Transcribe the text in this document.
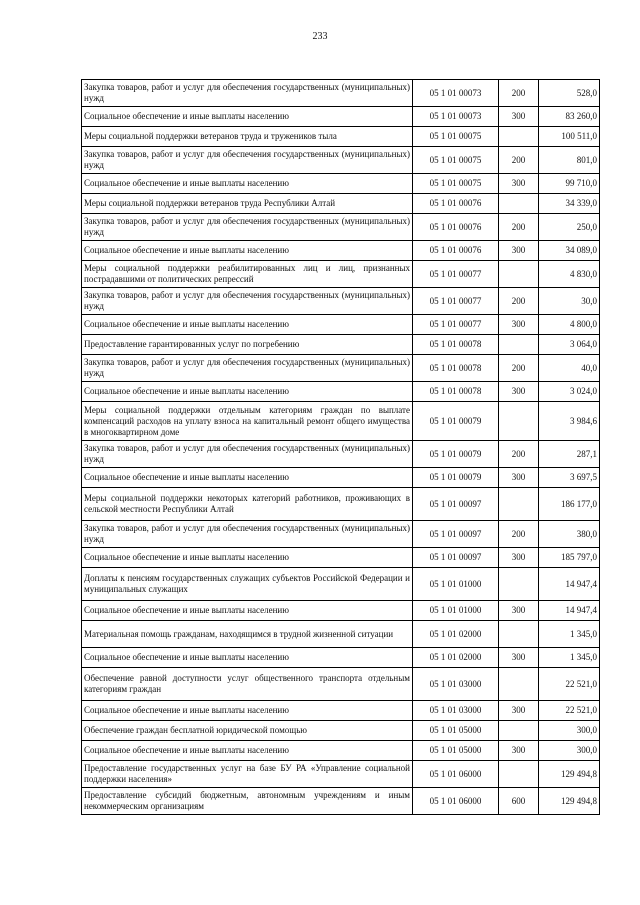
233
Закупка товаров, работ и услуг для обеспечения государственных (муниципальных) нужд	05 1 01 00073	200	528,0
Социальное обеспечение и иные выплаты населению	05 1 01 00073	300	83 260,0
Меры социальной поддержки ветеранов труда и тружеников тыла	05 1 01 00075		100 511,0
Закупка товаров, работ и услуг для обеспечения государственных (муниципальных) нужд	05 1 01 00075	200	801,0
Социальное обеспечение и иные выплаты населению	05 1 01 00075	300	99 710,0
Меры социальной поддержки ветеранов труда Республики Алтай	05 1 01 00076		34 339,0
Закупка товаров, работ и услуг для обеспечения государственных (муниципальных) нужд	05 1 01 00076	200	250,0
Социальное обеспечение и иные выплаты населению	05 1 01 00076	300	34 089,0
Меры социальной поддержки реабилитированных лиц и лиц, признанных пострадавшими от политических репрессий	05 1 01 00077		4 830,0
Закупка товаров, работ и услуг для обеспечения государственных (муниципальных) нужд	05 1 01 00077	200	30,0
Социальное обеспечение и иные выплаты населению	05 1 01 00077	300	4 800,0
Предоставление гарантированных услуг по погребению	05 1 01 00078		3 064,0
Закупка товаров, работ и услуг для обеспечения государственных (муниципальных) нужд	05 1 01 00078	200	40,0
Социальное обеспечение и иные выплаты населению	05 1 01 00078	300	3 024,0
Меры социальной поддержки отдельным категориям граждан по выплате компенсаций расходов на уплату взноса на капитальный ремонт общего имущества в многоквартирном доме	05 1 01 00079		3 984,6
Закупка товаров, работ и услуг для обеспечения государственных (муниципальных) нужд	05 1 01 00079	200	287,1
Социальное обеспечение и иные выплаты населению	05 1 01 00079	300	3 697,5
Меры социальной поддержки некоторых категорий работников, проживающих в сельской местности Республики Алтай	05 1 01 00097		186 177,0
Закупка товаров, работ и услуг для обеспечения государственных (муниципальных) нужд	05 1 01 00097	200	380,0
Социальное обеспечение и иные выплаты населению	05 1 01 00097	300	185 797,0
Доплаты к пенсиям государственных служащих субъектов Российской Федерации и муниципальных служащих	05 1 01 01000		14 947,4
Социальное обеспечение и иные выплаты населению	05 1 01 01000	300	14 947,4
Материальная помощь гражданам, находящимся в трудной жизненной ситуации	05 1 01 02000		1 345,0
Социальное обеспечение и иные выплаты населению	05 1 01 02000	300	1 345,0
Обеспечение равной доступности услуг общественного транспорта отдельным категориям граждан	05 1 01 03000		22 521,0
Социальное обеспечение и иные выплаты населению	05 1 01 03000	300	22 521,0
Обеспечение граждан бесплатной юридической помощью	05 1 01 05000		300,0
Социальное обеспечение и иные выплаты населению	05 1 01 05000	300	300,0
Предоставление государственных услуг на базе БУ РА «Управление социальной поддержки населения»	05 1 01 06000		129 494,8
Предоставление субсидий бюджетным, автономным учреждениям и иным некоммерческим организациям	05 1 01 06000	600	129 494,8
